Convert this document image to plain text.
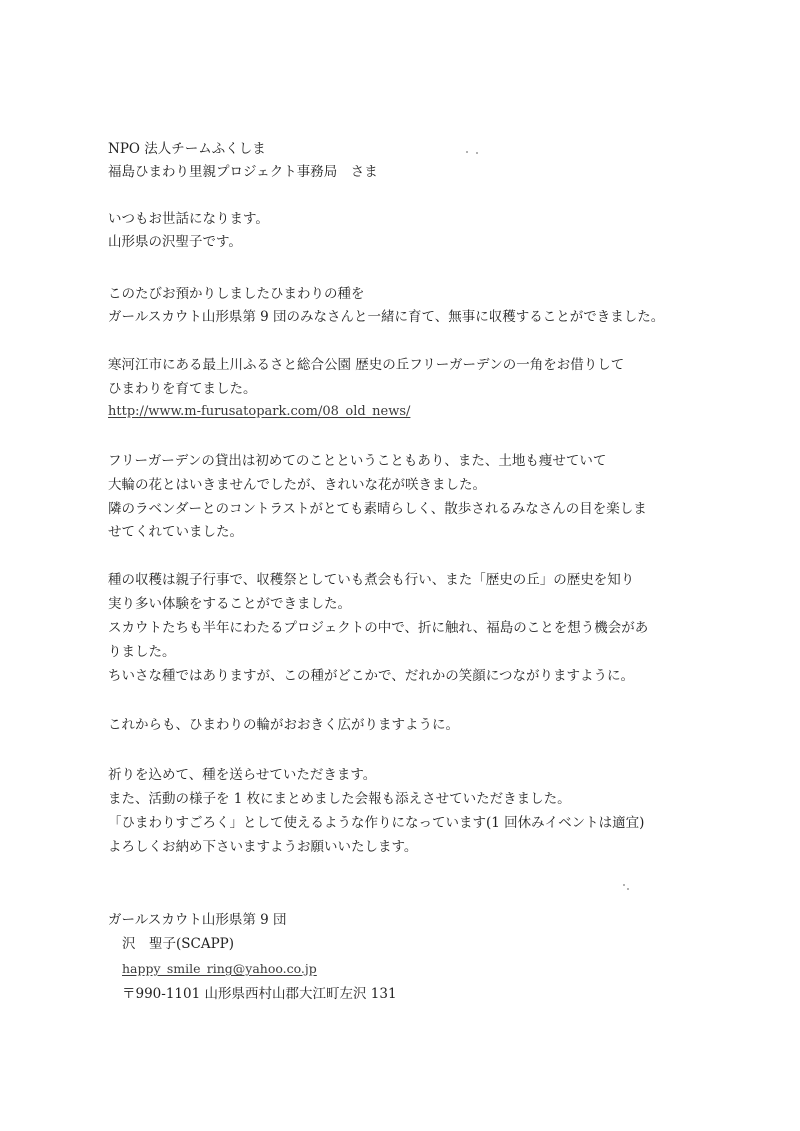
NPO 法人チームふくしま
福島ひまわり里親プロジェクト事務局　さま
いつもお世話になります。
山形県の沢聖子です。
このたびお預かりしましたひまわりの種を
ガールスカウト山形県第 9 団のみなさんと一緒に育て、無事に収穫することができました。
寒河江市にある最上川ふるさと総合公園 歴史の丘フリーガーデンの一角をお借りして
ひまわりを育てました。
http://www.m-furusatopark.com/08_old_news/
フリーガーデンの貸出は初めてのことということもあり、また、土地も痩せていて
大輪の花とはいきませんでしたが、きれいな花が咲きました。
隣のラベンダーとのコントラストがとても素晴らしく、散歩されるみなさんの目を楽しま
せてくれていました。
種の収穫は親子行事で、収穫祭としていも煮会も行い、また「歴史の丘」の歴史を知り
実り多い体験をすることができました。
スカウトたちも半年にわたるプロジェクトの中で、折に触れ、福島のことを想う機会があ
りました。
ちいさな種ではありますが、この種がどこかで、だれかの笑顔につながりますように。
これからも、ひまわりの輪がおおきく広がりますように。
祈りを込めて、種を送らせていただきます。
また、活動の様子を 1 枚にまとめました会報も添えさせていただきました。
「ひまわりすごろく」として使えるような作りになっています(1 回休みイベントは適宜)
よろしくお納め下さいますようお願いいたします。
ガールスカウト山形県第 9 団
沢　聖子(SCAPP)
happy_smile_ring@yahoo.co.jp
〒990-1101 山形県西村山郡大江町左沢 131
